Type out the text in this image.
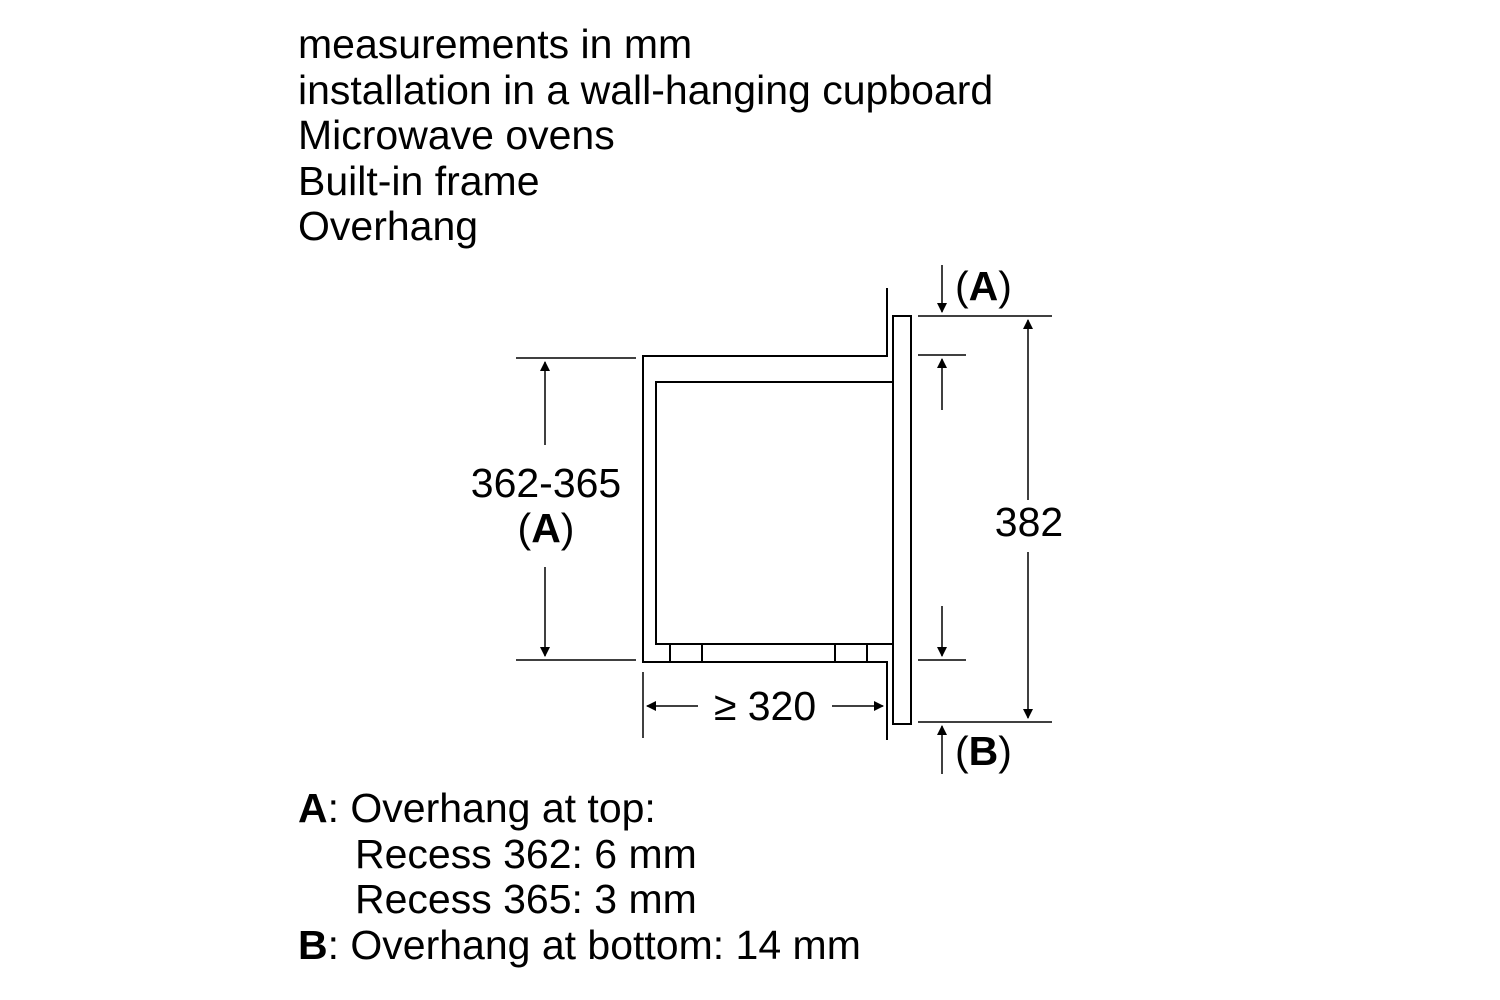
measurements in mm
installation in a wall-hanging cupboard
Microwave ovens
Built-in frame
Overhang
362-365
(A)
≥ 320
(A)
(B)
382
A: Overhang at top:
Recess 362: 6 mm
Recess 365: 3 mm
B: Overhang at bottom: 14 mm
